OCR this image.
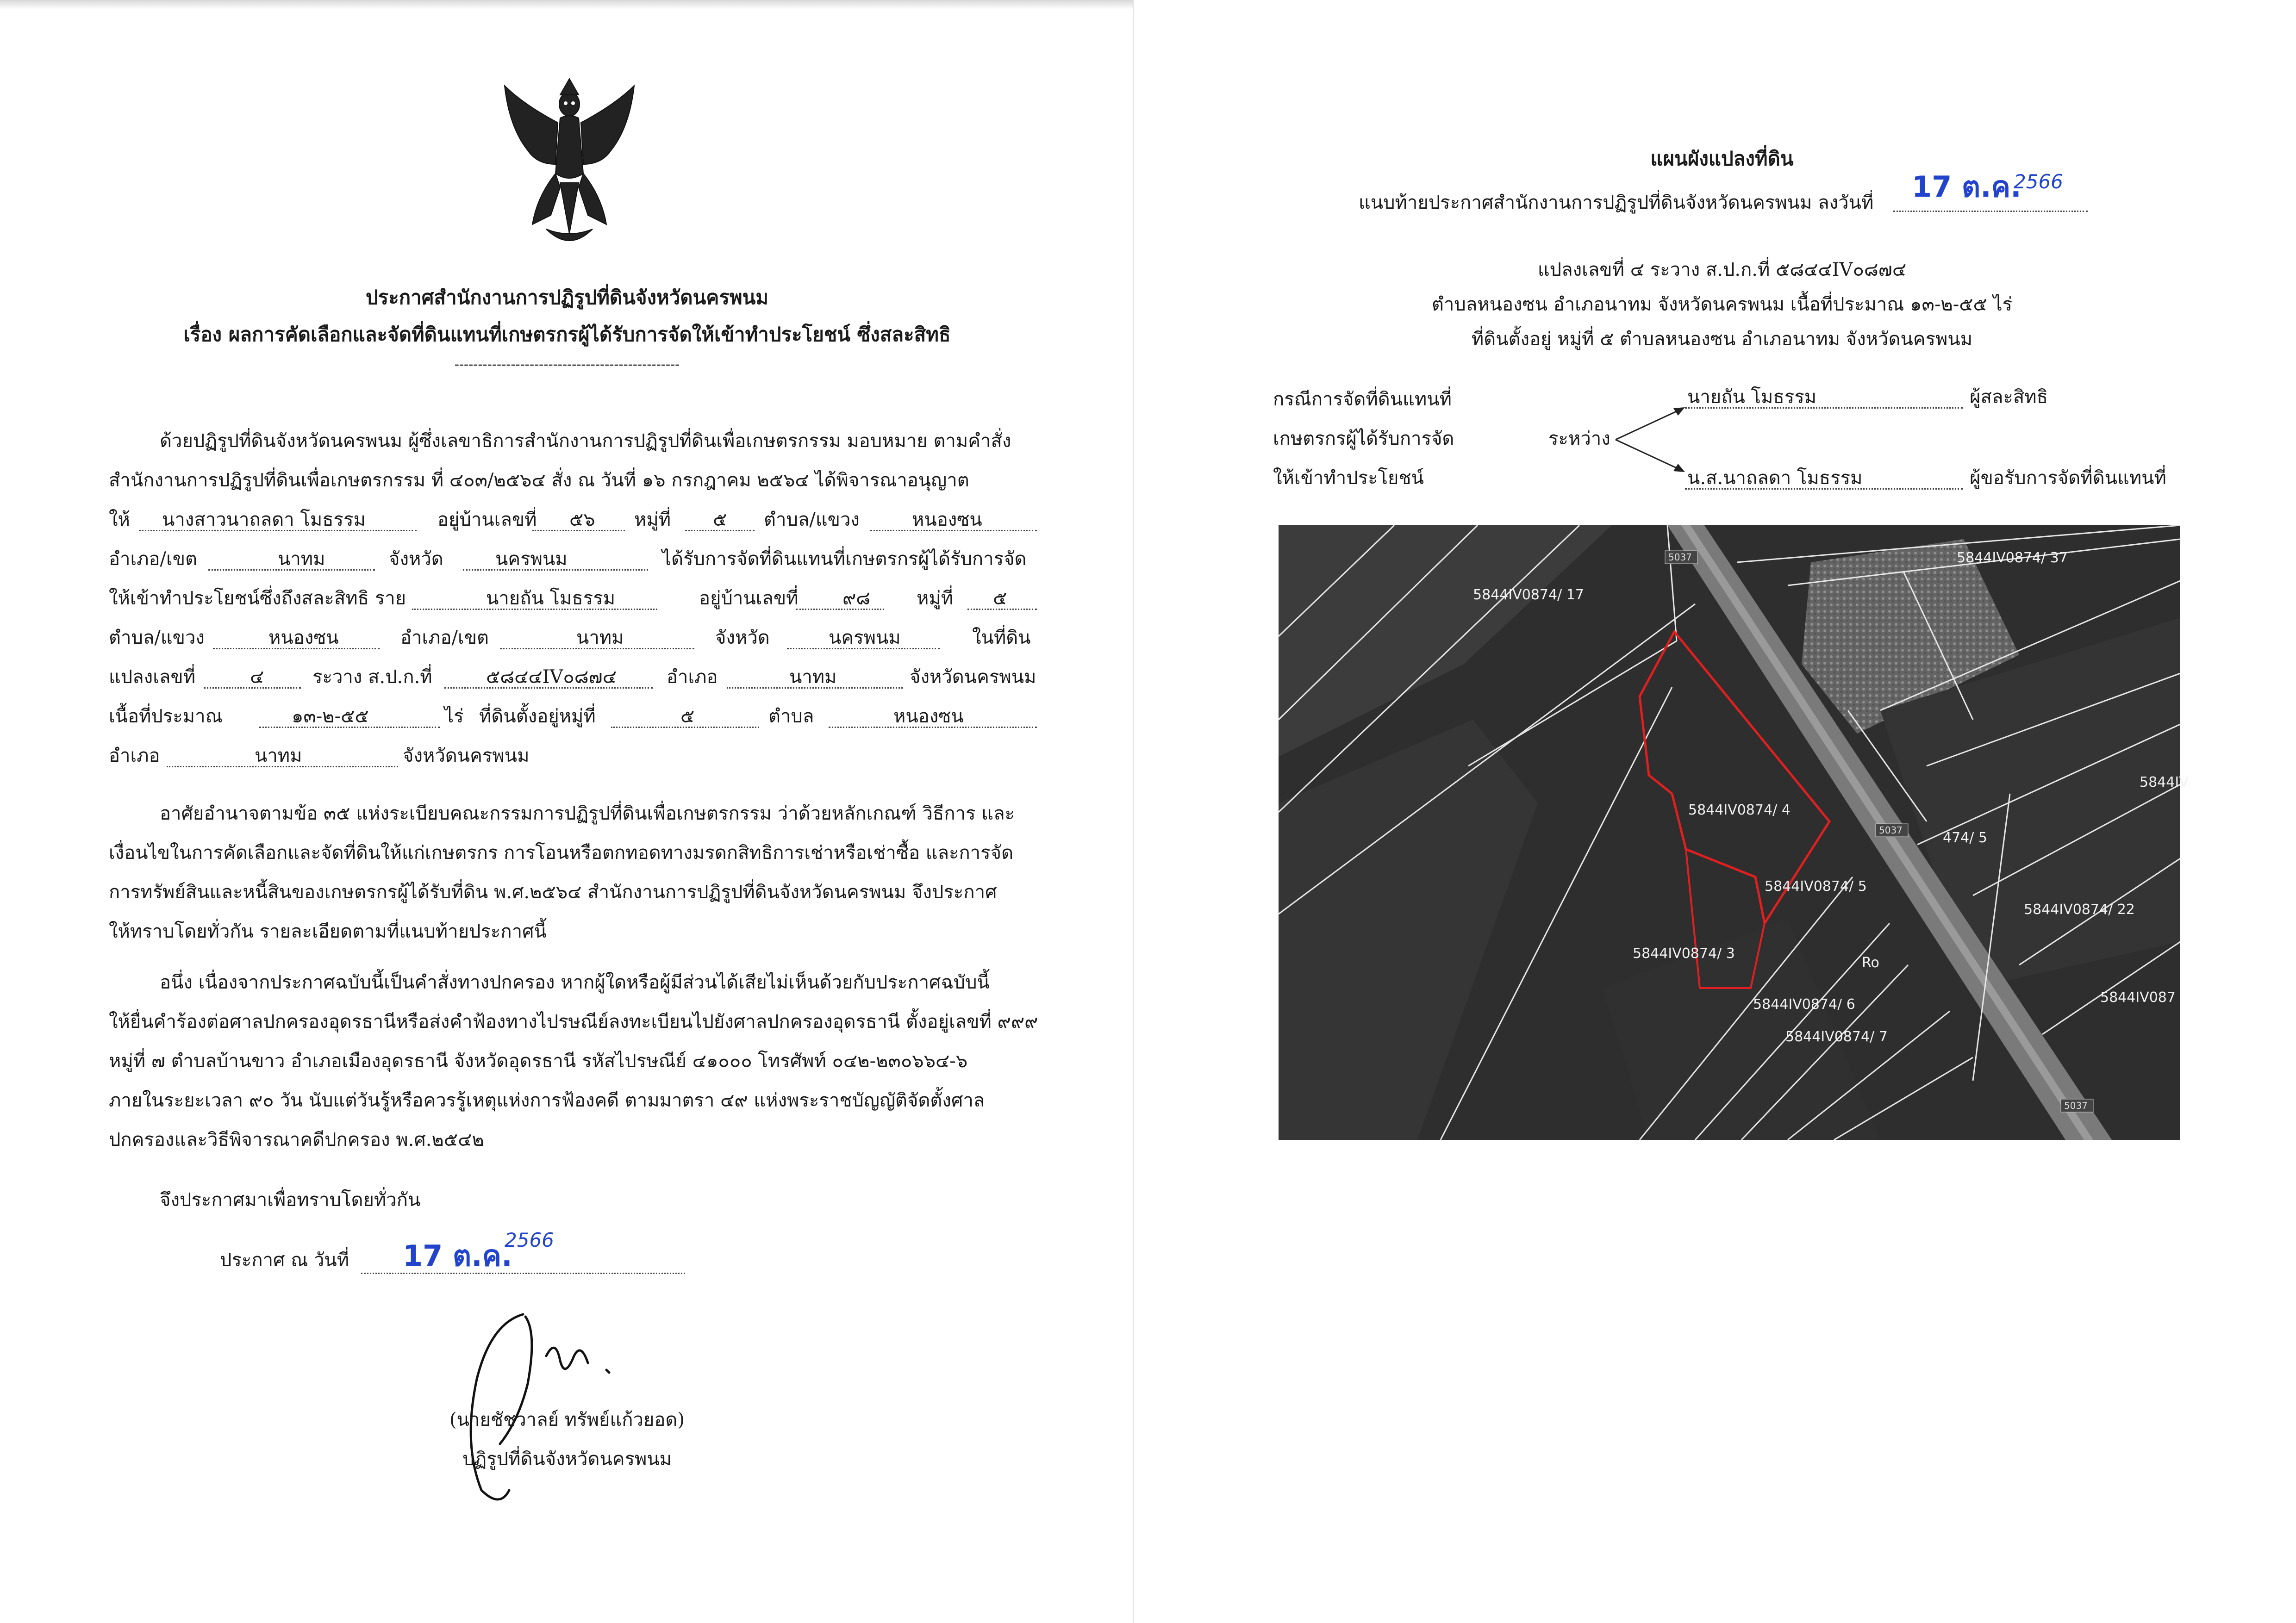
ประกาศสำนักงานการปฏิรูปที่ดินจังหวัดนครพนม
เรื่อง ผลการคัดเลือกและจัดที่ดินแทนที่เกษตรกรผู้ได้รับการจัดให้เข้าทำประโยชน์ ซึ่งสละสิทธิ
------------------------------------------------
ด้วยปฏิรูปที่ดินจังหวัดนครพนม ผู้ซึ่งเลขาธิการสำนักงานการปฏิรูปที่ดินเพื่อเกษตรกรรม มอบหมาย ตามคำสั่ง
สำนักงานการปฏิรูปที่ดินเพื่อเกษตรกรรม ที่ ๔๐๓/๒๕๖๔ สั่ง ณ วันที่ ๑๖ กรกฎาคม ๒๕๖๔ ได้พิจารณาอนุญาต
ให้ นางสาวนาถลดา โมธรรม	อยู่บ้านเลขที่ ๕๖ หมู่ที่ ๕ ตำบล/แขวง	หนองซน
อำเภอ/เขต	นาทม	จังหวัด	นครพนม	ได้รับการจัดที่ดินแทนที่เกษตรกรผู้ได้รับการจัด
ให้เข้าทำประโยชน์ซึ่งถึงสละสิทธิ ราย	นายถัน โมธรรม	อยู่บ้านเลขที่ ๙๘ หมู่ที่ ๕
ตำบล/แขวง	หนองซน	อำเภอ/เขต	นาทม	จังหวัด	นครพนม	ในที่ดิน
แปลงเลขที่	๔	ระวาง ส.ป.ก.ที่	๕๘๔๔IV๐๘๗๔	อำเภอ	นาทม	จังหวัดนครพนม
เนื้อที่ประมาณ	๑๓-๒-๕๕	ไร่ ที่ดินตั้งอยู่หมู่ที่	๕	ตำบล	หนองซน
อำเภอ	นาทม	จังหวัดนครพนม
อาศัยอำนาจตามข้อ ๓๕ แห่งระเบียบคณะกรรมการปฏิรูปที่ดินเพื่อเกษตรกรรม ว่าด้วยหลักเกณฑ์ วิธีการ และ
เงื่อนไขในการคัดเลือกและจัดที่ดินให้แก่เกษตรกร การโอนหรือตกทอดทางมรดกสิทธิการเช่าหรือเช่าซื้อ และการจัด
การทรัพย์สินและหนี้สินของเกษตรกรผู้ได้รับที่ดิน พ.ศ.๒๕๖๔ สำนักงานการปฏิรูปที่ดินจังหวัดนครพนม จึงประกาศ
ให้ทราบโดยทั่วกัน รายละเอียดตามที่แนบท้ายประกาศนี้
อนึ่ง เนื่องจากประกาศฉบับนี้เป็นคำสั่งทางปกครอง หากผู้ใดหรือผู้มีส่วนได้เสียไม่เห็นด้วยกับประกาศฉบับนี้
ให้ยื่นคำร้องต่อศาลปกครองอุดรธานีหรือส่งคำฟ้องทางไปรษณีย์ลงทะเบียนไปยังศาลปกครองอุดรธานี ตั้งอยู่เลขที่ ๙๙๙
หมู่ที่ ๗ ตำบลบ้านขาว อำเภอเมืองอุดรธานี จังหวัดอุดรธานี รหัสไปรษณีย์ ๔๑๐๐๐ โทรศัพท์ ๐๔๒-๒๓๐๖๖๔-๖
ภายในระยะเวลา ๙๐ วัน นับแต่วันรู้หรือควรรู้เหตุแห่งการฟ้องคดี ตามมาตรา ๔๙ แห่งพระราชบัญญัติจัดตั้งศาล
ปกครองและวิธีพิจารณาคดีปกครอง พ.ศ.๒๕๔๒
จึงประกาศมาเพื่อทราบโดยทั่วกัน
ประกาศ ณ วันที่ 17 ต.ค.
2566
(นายชัชวาลย์ ทรัพย์แก้วยอด)
ปฏิรูปที่ดินจังหวัดนครพนม
แผนผังแปลงที่ดิน
แนบท้ายประกาศสำนักงานการปฏิรูปที่ดินจังหวัดนครพนม ลงวันที่ 17 ต.ค.
2566
แปลงเลขที่ ๔ ระวาง ส.ป.ก.ที่ ๕๘๔๔IV๐๘๗๔
ตำบลหนองซน อำเภอนาทม จังหวัดนครพนม เนื้อที่ประมาณ ๑๓-๒-๕๕ ไร่
ที่ดินตั้งอยู่ หมู่ที่ ๕ ตำบลหนองซน อำเภอนาทม จังหวัดนครพนม
กรณีการจัดที่ดินแทนที่
เกษตรกรผู้ได้รับการจัด
ให้เข้าทำประโยชน์
ระหว่าง
นายถัน โมธรรม	ผู้สละสิทธิ
น.ส.นาถลดา โมธรรม	ผู้ขอรับการจัดที่ดินแทนที่
5844IV0874/ 17
5844IV0874/ 37
5844IV0874/ 4
5844IV0874/ 5
5844IV0874/ 3
5844IV0874/ 6
5844IV0874/ 7
5844IV0874/ 22
474/ 5
Ro
5844IV
5844IV087
5037
5037
5037
